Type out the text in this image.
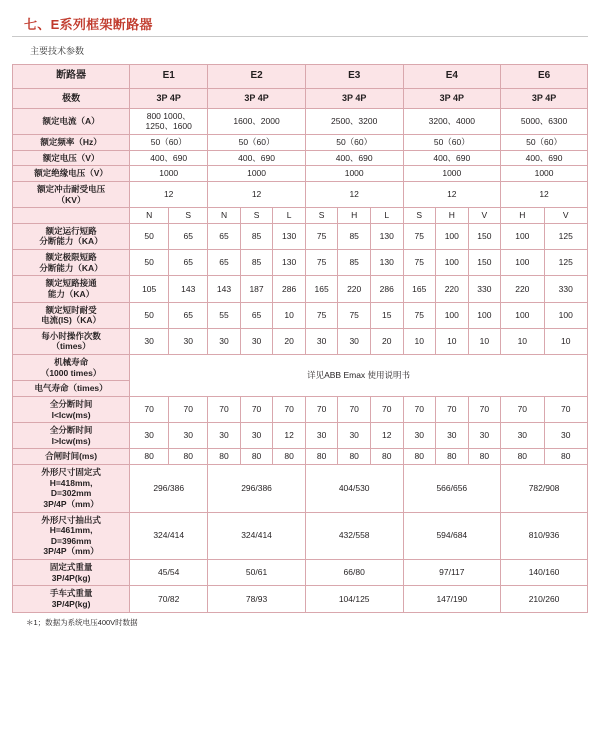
七、E系列框架断路器
主要技术参数
断路器	E1		E2			E3			E4			E6	
极数	3P 4P		3P 4P			3P 4P			3P 4P			3P 4P	
额定电流（A）	800 1000、
1250、1600		1600、2000			2500、3200			3200、4000			5000、6300	
额定频率（Hz）	50（60）		50（60）			50（60）			50（60）			50（60）	
额定电压（V）	400、690		400、690			400、690			400、690			400、690	
额定绝缘电压（V）	1000		1000			1000			1000			1000	
额定冲击耐受电压
（KV）	12		12			12			12			12	
	N	S	N	S	L	S	H	L	S	H	V	H	V
额定运行短路
分断能力（KA）	50	65	65	85	130	75	85	130	75	100	150	100	125
额定极限短路
分断能力（KA）	50	65	65	85	130	75	85	130	75	100	150	100	125
额定短路接通
能力（KA）	105	143	143	187	286	165	220	286	165	220	330	220	330
额定短时耐受
电流(IS)（KA）	50	65	55	65	10	75	75	15	75	100	100	100	100
每小时操作次数
（times）	30	30	30	30	20	30	30	20	10	10	10	10	10
机械寿命
（1000 times）	详见ABB Emax 使用说明书												
电气寿命（times）													
全分断时间
I<Icw(ms)	70	70	70	70	70	70	70	70	70	70	70	70	70
全分断时间
I>Icw(ms)	30	30	30	30	12	30	30	12	30	30	30	30	30
合闸时间(ms)	80	80	80	80	80	80	80	80	80	80	80	80	80
外形尺寸固定式
H=418mm,
D=302mm
3P/4P（mm）	296/386		296/386			404/530			566/656			782/908	
外形尺寸抽出式
H=461mm,
D=396mm
3P/4P（mm）	324/414		324/414			432/558			594/684			810/936	
固定式重量
3P/4P(kg)	45/54		50/61			66/80			97/117			140/160	
手车式重量
3P/4P(kg)	70/82		78/93			104/125			147/190			210/260	
＊1；数据为系统电压400V时数据
